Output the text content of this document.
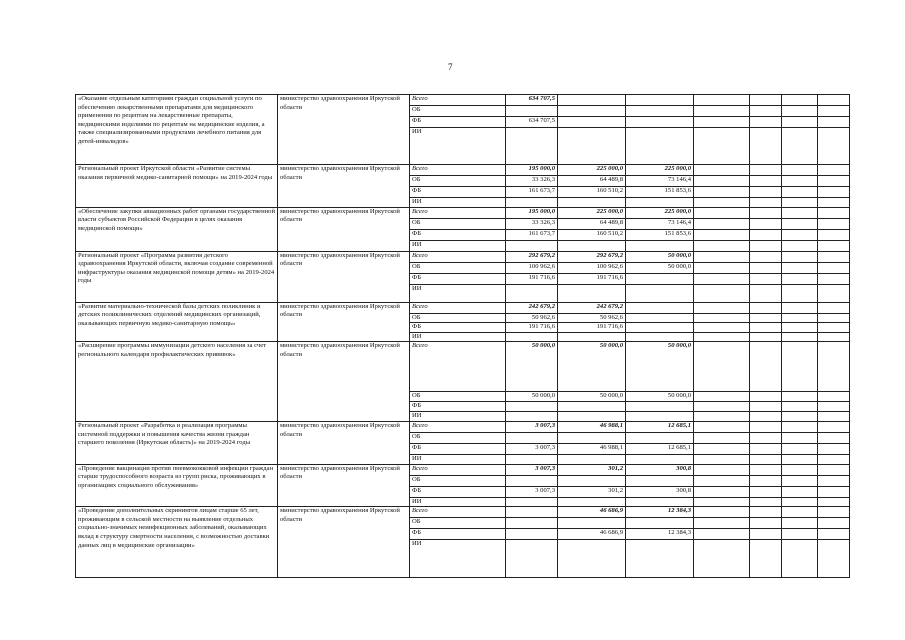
7
«Оказание отдельным категориям граждан социальной услуги по обеспечению лекарственными препаратами для медицинского применения по рецептам на лекарственные препараты, медицинскими изделиями по рецептам на медицинские изделия, а также специализированными продуктами лечебного питания для детей-инвалидов»	министерство здравоохранения Иркутской области	Всего	634 707,5						
		ОБ							
		ФБ	634 707,5						
		ИИ							
Региональный проект Иркутской области «Развитие системы оказания первичной медико-санитарной помощи» на 2019-2024 годы	министерство здравоохранения Иркутской области	Всего	195 000,0	225 000,0	225 000,0				
		ОБ	33 326,3	64 489,8	73 146,4				
		ФБ	161 673,7	160 510,2	151 853,6				
		ИИ							
«Обеспечение закупки авиационных работ органами государственной власти субъектов Российской Федерации в целях оказания медицинской помощи»	министерство здравоохранения Иркутской области	Всего	195 000,0	225 000,0	225 000,0				
		ОБ	33 326,3	64 489,8	73 146,4				
		ФБ	161 673,7	160 510,2	151 853,6				
		ИИ							
Региональный проект «Программа развития детского здравоохранения Иркутской области, включая создание современной инфраструктуры оказания медицинской помощи детям» на 2019-2024 годы	министерство здравоохранения Иркутской области	Всего	292 679,2	292 679,2	50 000,0				
		ОБ	100 962,6	100 962,6	50 000,0				
		ФБ	191 716,6	191 716,6					
		ИИ							
«Развитие материально-технической базы детских поликлиник и детских поликлинических отделений медицинских организаций, оказывающих первичную медико-санитарную помощь»	министерство здравоохранения Иркутской области	Всего	242 679,2	242 679,2					
		ОБ	50 962,6	50 962,6					
		ФБ	191 716,6	191 716,6					
		ИИ							
«Расширение программы иммунизации детского населения за счет регионального календаря профилактических прививок»	министерство здравоохранения Иркутской области	Всего	50 000,0	50 000,0	50 000,0				
		ОБ	50 000,0	50 000,0	50 000,0				
		ФБ							
		ИИ							
Региональный проект «Разработка и реализация программы системной поддержки и повышения качества жизни граждан старшего поколения (Иркутская область)» на 2019-2024 годы	министерство здравоохранения Иркутской области	Всего	3 007,3	46 988,1	12 685,1				
		ОБ							
		ФБ	3 007,3	46 988,1	12 685,1				
		ИИ							
«Проведение вакцинации против пневмококковой инфекции граждан старше трудоспособного возраста из групп риска, проживающих в организациях социального обслуживания»	министерство здравоохранения Иркутской области	Всего	3 007,3	301,2	300,8				
		ОБ							
		ФБ	3 007,3	301,2	300,8				
		ИИ							
«Проведение дополнительных скринингов лицам старше 65 лет, проживающим в сельской местности на выявление отдельных социально-значимых неинфекционных заболеваний, оказывающих вклад в структуру смертности населения, с возможностью доставки данных лиц в медицинские организации»	министерство здравоохранения Иркутской области	Всего		46 686,9	12 384,3				
		ОБ							
		ФБ		46 686,9	12 384,3				
		ИИ							
